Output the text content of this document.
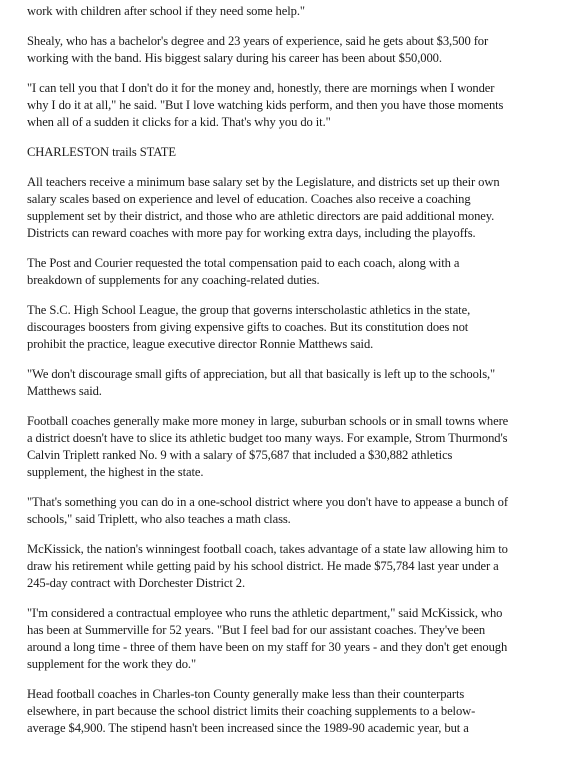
work with children after school if they need some help."

Shealy, who has a bachelor's degree and 23 years of experience, said he gets about $3,500 for
working with the band. His biggest salary during his career has been about $50,000.

"I can tell you that I don't do it for the money and, honestly, there are mornings when I wonder
why I do it at all," he said. "But I love watching kids perform, and then you have those moments
when all of a sudden it clicks for a kid. That's why you do it."

CHARLESTON trails STATE

All teachers receive a minimum base salary set by the Legislature, and districts set up their own
salary scales based on experience and level of education. Coaches also receive a coaching
supplement set by their district, and those who are athletic directors are paid additional money.
Districts can reward coaches with more pay for working extra days, including the playoffs.

The Post and Courier requested the total compensation paid to each coach, along with a
breakdown of supplements for any coaching-related duties.

The S.C. High School League, the group that governs interscholastic athletics in the state,
discourages boosters from giving expensive gifts to coaches. But its constitution does not
prohibit the practice, league executive director Ronnie Matthews said.

"We don't discourage small gifts of appreciation, but all that basically is left up to the schools,"
Matthews said.

Football coaches generally make more money in large, suburban schools or in small towns where
a district doesn't have to slice its athletic budget too many ways. For example, Strom Thurmond's
Calvin Triplett ranked No. 9 with a salary of $75,687 that included a $30,882 athletics
supplement, the highest in the state.

"That's something you can do in a one-school district where you don't have to appease a bunch of
schools," said Triplett, who also teaches a math class.

McKissick, the nation's winningest football coach, takes advantage of a state law allowing him to
draw his retirement while getting paid by his school district. He made $75,784 last year under a
245-day contract with Dorchester District 2.

"I'm considered a contractual employee who runs the athletic department," said McKissick, who
has been at Summerville for 52 years. "But I feel bad for our assistant coaches. They've been
around a long time - three of them have been on my staff for 30 years - and they don't get enough
supplement for the work they do."

Head football coaches in Charles-ton County generally make less than their counterparts
elsewhere, in part because the school district limits their coaching supplements to a below-
average $4,900. The stipend hasn't been increased since the 1989-90 academic year, but a
